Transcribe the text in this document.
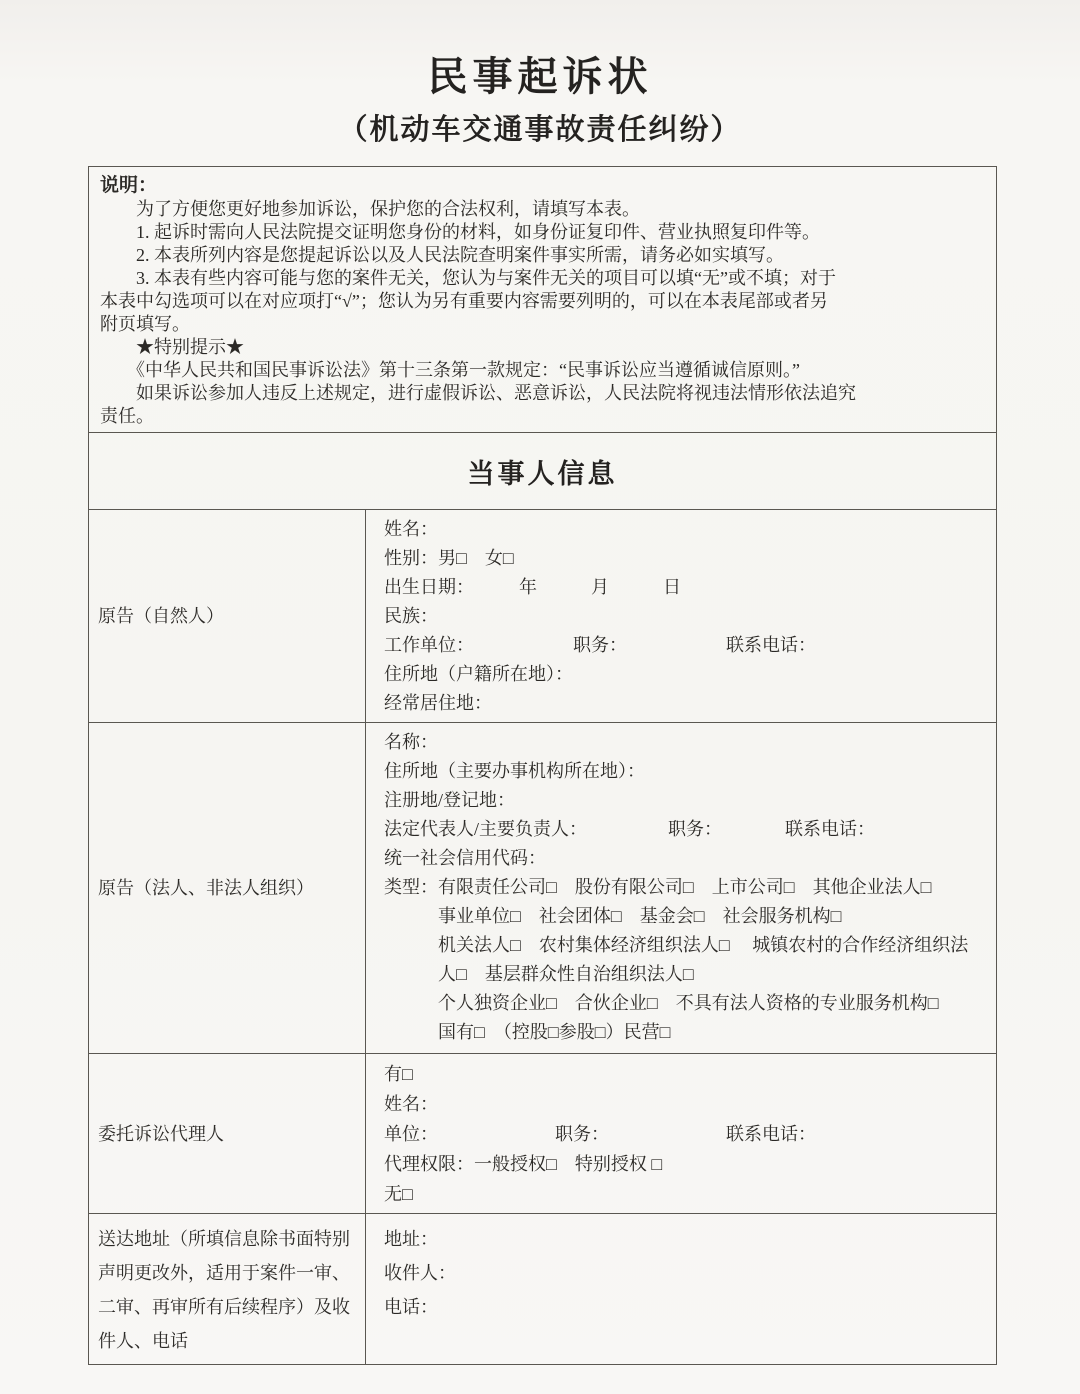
民事起诉状
（机动车交通事故责任纠纷）
说明：

　　为了方便您更好地参加诉讼，保护您的合法权利，请填写本表。

　　1. 起诉时需向人民法院提交证明您身份的材料，如身份证复印件、营业执照复印件等。

　　2. 本表所列内容是您提起诉讼以及人民法院查明案件事实所需，请务必如实填写。

　　3. 本表有些内容可能与您的案件无关，您认为与案件无关的项目可以填“无”或不填；对于

本表中勾选项可以在对应项打“√”；您认为另有重要内容需要列明的，可以在本表尾部或者另

附页填写。

　　★特别提示★

　　《中华人民共和国民事诉讼法》第十三条第一款规定：“民事诉讼应当遵循诚信原则。”

　　如果诉讼参加人违反上述规定，进行虚假诉讼、恶意诉讼，人民法院将视违法情形依法追究

责任。

当事人信息
原告（自然人）
姓名：
性别：男□　女□
出生日期：　　　年　　　月　　　日
民族：
工作单位：　　　　　　职务：　　　　　　联系电话：
住所地（户籍所在地）：
经常居住地：
原告（法人、非法人组织）
名称：
住所地（主要办事机构所在地）：
注册地/登记地：
法定代表人/主要负责人：　　　　　职务：　　　　联系电话：
统一社会信用代码：
类型：有限责任公司□　股份有限公司□　上市公司□　其他企业法人□
　　　事业单位□　社会团体□　基金会□　社会服务机构□
　　　机关法人□　农村集体经济组织法人□　 城镇农村的合作经济组织法
　　　人□　基层群众性自治组织法人□
　　　个人独资企业□　合伙企业□　不具有法人资格的专业服务机构□
　　　国有□　（控股□参股□）民营□
委托诉讼代理人
有□
姓名：
单位：　　　　　　　职务：　　　　　　　联系电话：
代理权限：一般授权□　特别授权 □
无□
送达地址（所填信息除书面特别声明更改外，适用于案件一审、二审、再审所有后续程序）及收件人、电话
地址：
收件人：
电话：
